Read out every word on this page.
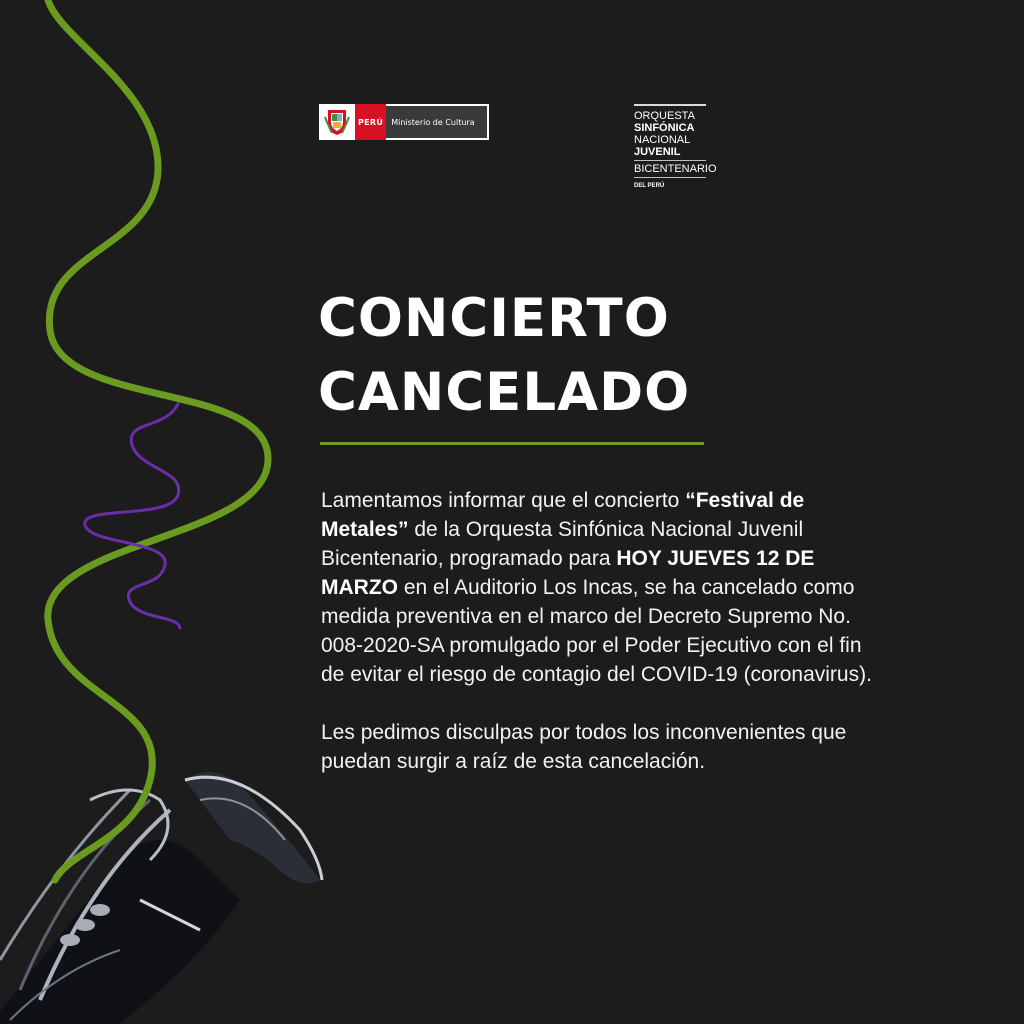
PERÚ	Ministerio de Cultura	ORQUESTA
SINFÓNICA
NACIONAL
JUVENIL
BICENTENARIO
DEL PERÚ
CONCIERTO
CANCELADO

Lamentamos informar que el concierto “Festival de Metales” de la Orquesta Sinfónica Nacional Juvenil Bicentenario, programado para HOY JUEVES 12 DE MARZO en el Auditorio Los Incas, se ha cancelado como medida preventiva en el marco del Decreto Supremo No. 008-2020-SA promulgado por el Poder Ejecutivo con el fin de evitar el riesgo de contagio del COVID-19 (coronavirus).

Les pedimos disculpas por todos los inconvenientes que puedan surgir a raíz de esta cancelación.
